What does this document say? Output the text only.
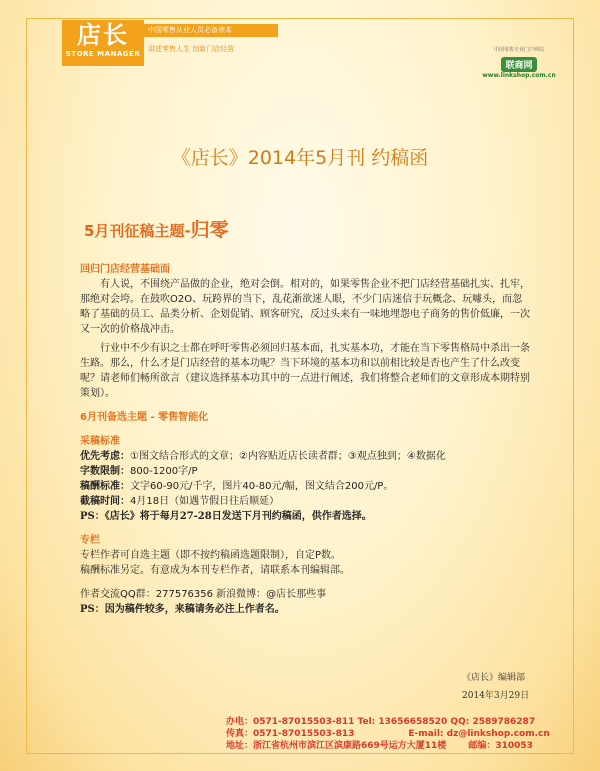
店长
STORE MANAGER
中国零售从业人员必备读本
讲述零售人生 创新门店经营	中国零售专业门户网站
联商网
www.linkshop.com.cn
《店长》2014年5月刊 约稿函
5月刊征稿主题-归零

回归门店经营基础面

有人说，不围绕产品做的企业，绝对会倒。相对的，如果零售企业不把门店经营基础扎实、扎牢，那绝对会垮。在鼓吹O2O、玩跨界的当下，乱花渐欲迷人眼，不少门店迷信于玩概念、玩噱头，而忽略了基础的员工、品类分析、企划促销、顾客研究，反过头来有一味地埋怨电子商务的售价低廉，一次又一次的价格战冲击。

行业中不少有识之士都在呼吁零售必须回归基本面，扎实基本功，才能在当下零售格局中杀出一条生路。那么，什么才是门店经营的基本功呢？当下环境的基本功和以前相比较是否也产生了什么改变呢？请老师们畅所欲言（建议选择基本功其中的一点进行阐述，我们将整合老师们的文章形成本期特别策划）。

6月刊备选主题 - 零售智能化

采稿标准

优先考虑：①图文结合形式的文章；②内容贴近店长读者群；③观点独到；④数据化

字数限制：800-1200字/P

稿酬标准：文字60-90元/千字，图片40-80元/幅，图文结合200元/P。

截稿时间：4月18日（如遇节假日往后顺延）

PS：《店长》将于每月27-28日发送下月刊约稿函，供作者选择。

专栏

专栏作者可自选主题（即不按约稿函选题限制），自定P数。

稿酬标准另定。有意成为本刊专栏作者，请联系本刊编辑部。

作者交流QQ群：277576356 新浪微博：@店长那些事

PS：因为稿件较多，来稿请务必注上作者名。

《店长》编辑部
2014年3月29日
办电：0571-87015503-811 Tel: 13656658520 QQ: 2589786287
传真：0571-87015503-813	E-mail: dz@linkshop.com.cn
地址：浙江省杭州市滨江区滨康路669号运方大厦11楼 邮编：310053
